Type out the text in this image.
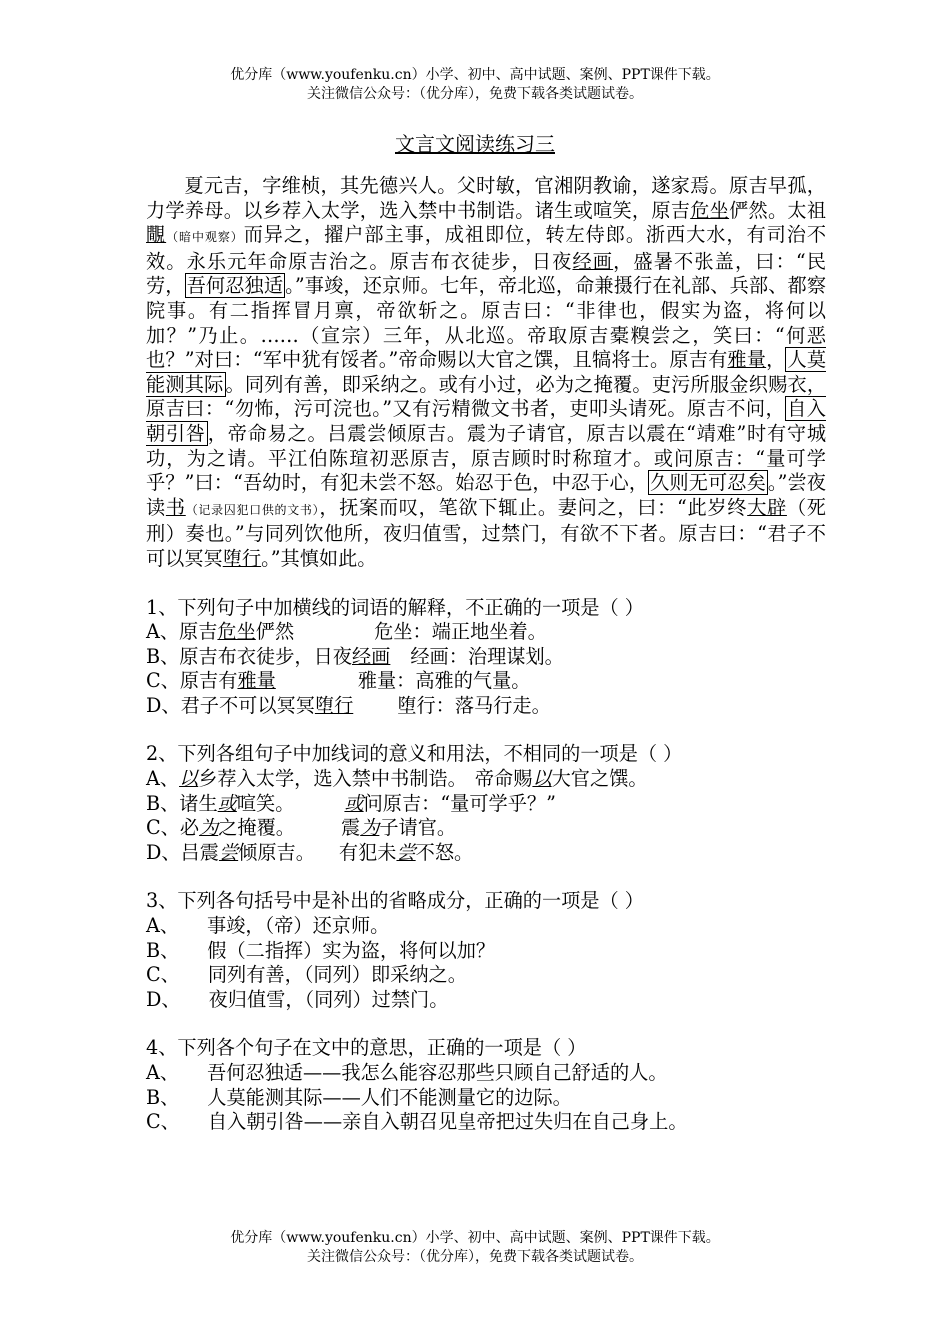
优分库（www.youfenku.cn）小学、初中、高中试题、案例、PPT课件下载。
关注微信公众号：（优分库），免费下载各类试题试卷。
文言文阅读练习三

夏元吉，字维桢，其先德兴人。父时敏，官湘阴教谕，遂家焉。原吉早孤，力学养母。以乡荐入太学，选入禁中书制诰。诸生或喧笑，原吉危坐俨然。太祖覸（暗中观察）而异之，擢户部主事，成祖即位，转左侍郎。浙西大水，有司治不效。永乐元年命原吉治之。原吉布衣徒步，日夜经画，盛暑不张盖，曰：“民劳， 吾何忍独适 。”事竣，还京师。七年，帝北巡，命兼摄行在礼部、兵部、都察院事。有二指挥冒月禀，帝欲斩之。原吉曰：“非律也，假实为盗，将何以加？”乃止。……（宣宗）三年，从北巡。帝取原吉橐糗尝之，笑曰：“何恶也？”对曰：“军中犹有馁者。”帝命赐以大官之馔，且犒将士。原吉有雅量， 人莫能测其际 。同列有善，即采纳之。或有小过，必为之掩覆。吏污所服金织赐衣，原吉曰：“勿怖，污可浣也。”又有污精微文书者，吏叩头请死。原吉不问， 自入朝引咎 ，帝命易之。吕震尝倾原吉。震为子请官，原吉以震在“靖难”时有守城功，为之请。平江伯陈瑄初恶原吉，原吉顾时时称瑄才。或问原吉：“量可学乎？”曰：“吾幼时，有犯未尝不怒。始忍于色，中忍于心， 久则无可忍矣 。”尝夜读书（记录囚犯口供的文书），抚案而叹，笔欲下辄止。妻问之，曰：“此岁终大辟（死刑）奏也。”与同列饮他所，夜归值雪，过禁门，有欲不下者。原吉曰：“君子不可以冥冥堕行。”其慎如此。

1、下列句子中加横线的词语的解释，不正确的一项是（ ）

A、原吉危坐俨然	危坐：端正地坐着。

B、原吉布衣徒步，日夜经画 经画：治理谋划。

C、原吉有雅量	雅量：高雅的气量。

D、君子不可以冥冥堕行 堕行：落马行走。

2、下列各组句子中加线词的意义和用法，不相同的一项是（ ）

A、以乡荐入太学，选入禁中书制诰。 帝命赐以大官之馔。

B、诸生或喧笑。	或问原吉：“量可学乎？”

C、必为之掩覆。 震为子请官。

D、吕震尝倾原吉。 有犯未尝不怒。

3、下列各句括号中是补出的省略成分，正确的一项是（ ）

A、 事竣，（帝）还京师。

B、 假（二指挥）实为盗，将何以加？

C、 同列有善，（同列）即采纳之。

D、 夜归值雪，（同列）过禁门。

4、下列各个句子在文中的意思，正确的一项是（ ）

A、 吾何忍独适——我怎么能容忍那些只顾自己舒适的人。

B、 人莫能测其际——人们不能测量它的边际。

C、 自入朝引咎——亲自入朝召见皇帝把过失归在自己身上。

优分库（www.youfenku.cn）小学、初中、高中试题、案例、PPT课件下载。
关注微信公众号：（优分库），免费下载各类试题试卷。
